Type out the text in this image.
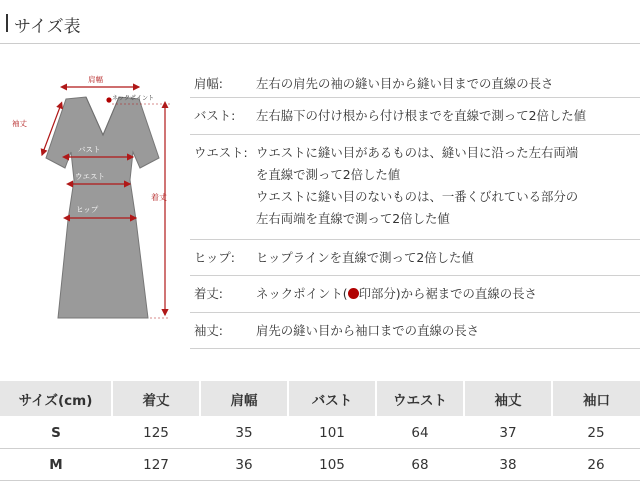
サイズ表
肩幅
ネックポイント
袖丈
着丈
バスト
ウエスト
ヒップ
肩幅:	左右の肩先の袖の縫い目から縫い目までの直線の長さ
バスト: 左右脇下の付け根から付け根までを直線で測って2倍した値
ウエスト: ウエストに縫い目があるものは、縫い目に沿った左右両端
を直線で測って2倍した値
ウエストに縫い目のないものは、一番くびれている部分の
左右両端を直線で測って2倍した値
ヒップ: ヒップラインを直線で測って2倍した値
着丈:	ネックポイント( 印部分)から裾までの直線の長さ
袖丈:	肩先の縫い目から袖口までの直線の長さ
サイズ(cm)	着丈	肩幅	バスト	ウエスト	袖丈	袖口
S	125	35	101	64	37	25
M	127	36	105	68	38	26
